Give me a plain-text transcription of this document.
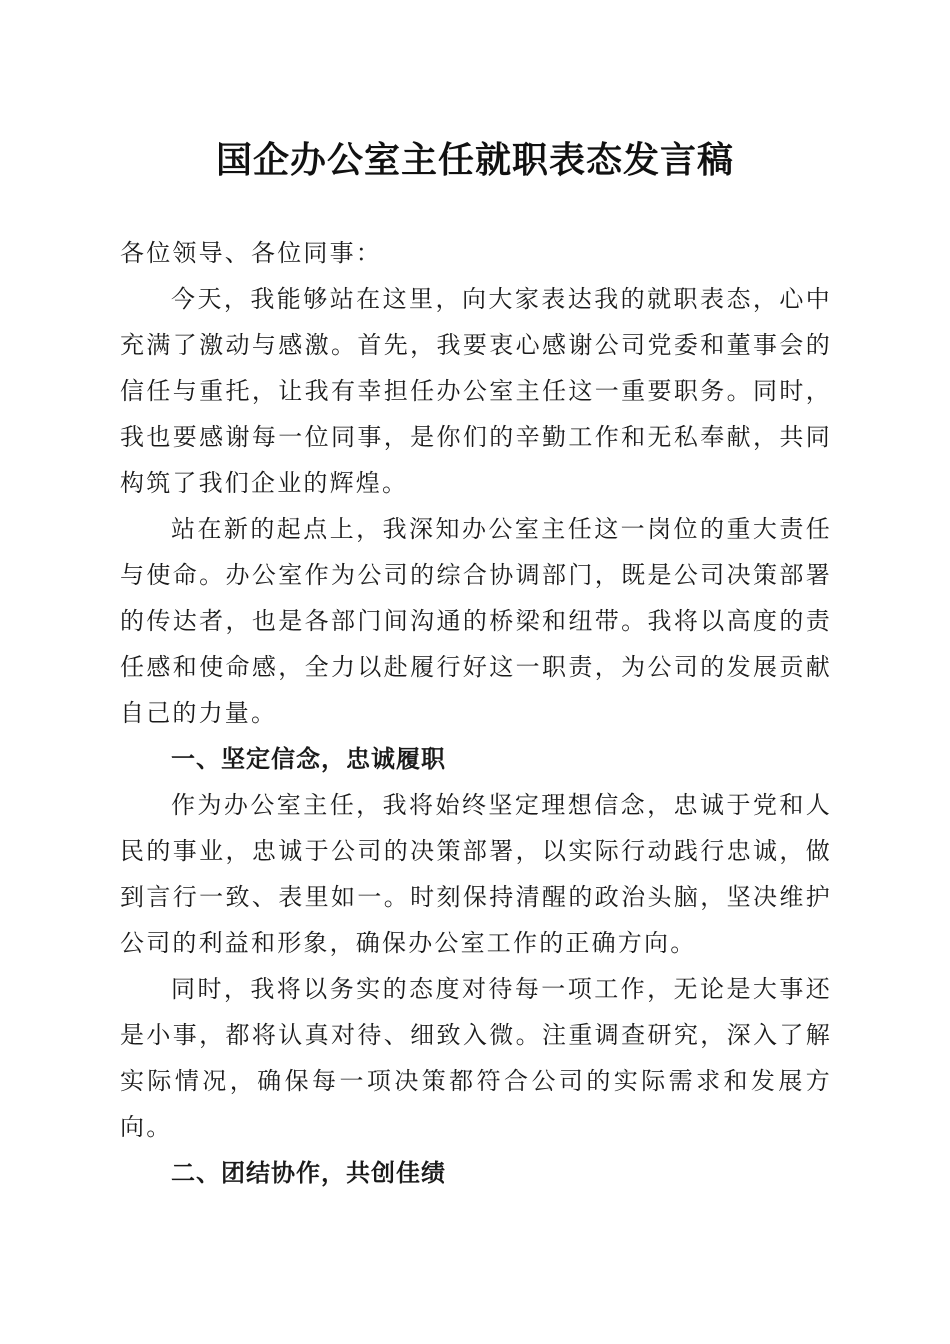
国企办公室主任就职表态发言稿

各位领导、各位同事：

今天，我能够站在这里，向大家表达我的就职表态，心中充满了激动与感激。首先，我要衷心感谢公司党委和董事会的信任与重托，让我有幸担任办公室主任这一重要职务。同时，我也要感谢每一位同事，是你们的辛勤工作和无私奉献，共同构筑了我们企业的辉煌。

站在新的起点上，我深知办公室主任这一岗位的重大责任与使命。办公室作为公司的综合协调部门，既是公司决策部署的传达者，也是各部门间沟通的桥梁和纽带。我将以高度的责任感和使命感，全力以赴履行好这一职责，为公司的发展贡献自己的力量。

一、坚定信念，忠诚履职

作为办公室主任，我将始终坚定理想信念，忠诚于党和人民的事业，忠诚于公司的决策部署，以实际行动践行忠诚，做到言行一致、表里如一。时刻保持清醒的政治头脑，坚决维护公司的利益和形象，确保办公室工作的正确方向。

同时，我将以务实的态度对待每一项工作，无论是大事还是小事，都将认真对待、细致入微。注重调查研究，深入了解实际情况，确保每一项决策都符合公司的实际需求和发展方向。

二、团结协作，共创佳绩
